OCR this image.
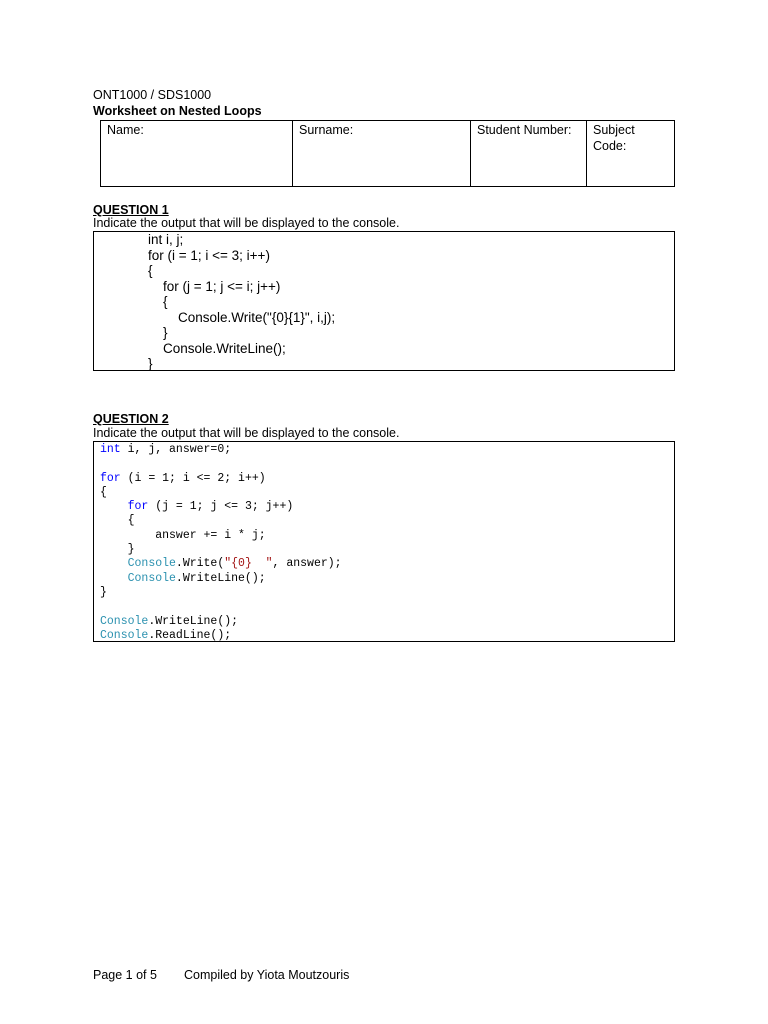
ONT1000 / SDS1000
Worksheet on Nested Loops
Name:	Surname:	Student Number:	Subject
Code:
QUESTION 1
Indicate the output that will be displayed to the console.
int i, j;
for (i = 1; i <= 3; i++)
{
for (j = 1; j <= i; j++)
{
Console.Write("{0}{1}", i,j);
}
Console.WriteLine();
}
QUESTION 2
Indicate the output that will be displayed to the console.
int i, j, answer=0;

for (i = 1; i <= 2; i++)
{
for (j = 1; j <= 3; j++)
{
answer += i * j;
}
Console.Write("{0}  ", answer);
Console.WriteLine();
}

Console.WriteLine();
Console.ReadLine();
Page 1 of 5 Compiled by Yiota Moutzouris
